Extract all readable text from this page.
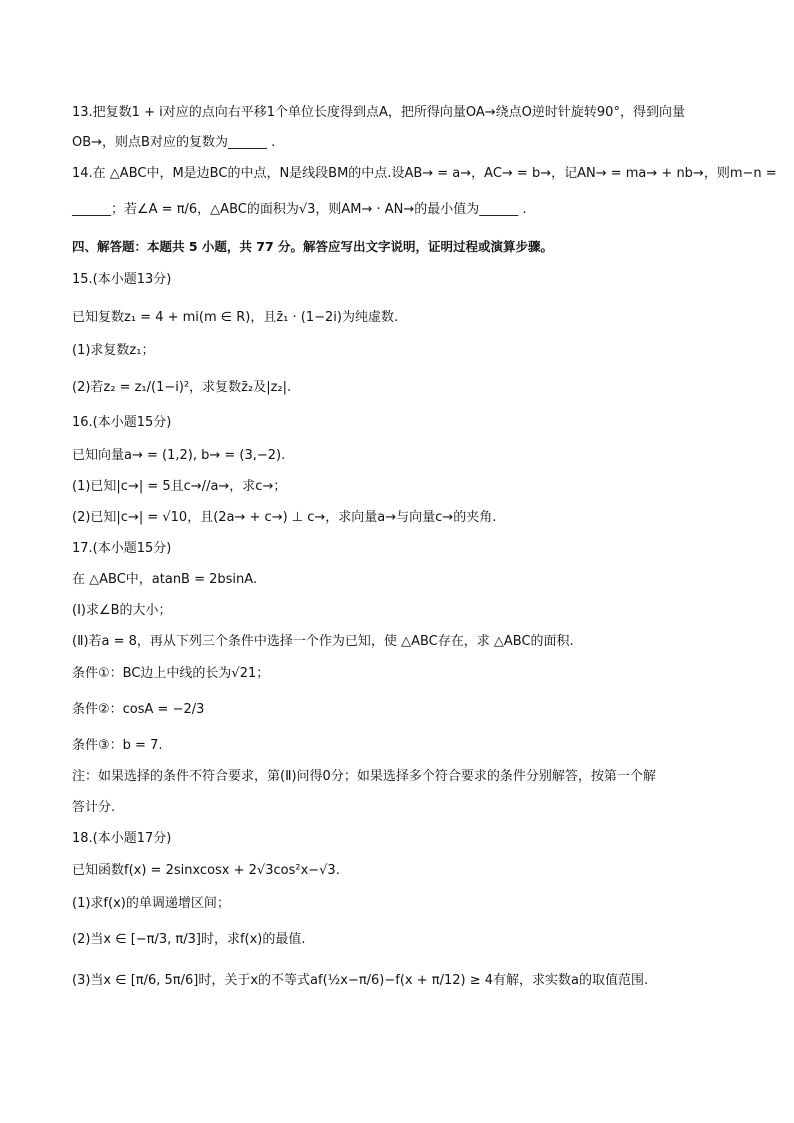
13.把复数1 + i对应的点向右平移1个单位长度得到点A，把所得向量OA→绕点O逆时针旋转90°，得到向量
OB→，则点B对应的复数为______ .
14.在 △ABC中，M是边BC的中点，N是线段BM的中点.设AB→ = a→，AC→ = b→，记AN→ = ma→ + nb→，则m−n =
______；若∠A = π/6，△ABC的面积为√3，则AM→ · AN→的最小值为______ .
四、解答题：本题共 5 小题，共 77 分。解答应写出文字说明，证明过程或演算步骤。
15.(本小题13分)
已知复数z₁ = 4 + mi(m ∈ R)，且z̄₁ · (1−2i)为纯虚数.
(1)求复数z₁；
(2)若z₂ = z₁/(1−i)²，求复数z̄₂及|z₂|.
16.(本小题15分)
已知向量a→ = (1,2), b→ = (3,−2).
(1)已知|c→| = 5且c→//a→，求c→；
(2)已知|c→| = √10，且(2a→ + c→) ⊥ c→，求向量a→与向量c→的夹角.
17.(本小题15分)
在 △ABC中，atanB = 2bsinA.
(Ⅰ)求∠B的大小；
(Ⅱ)若a = 8，再从下列三个条件中选择一个作为已知，使 △ABC存在，求 △ABC的面积.
条件①：BC边上中线的长为√21；
条件②：cosA = −2/3
条件③：b = 7.
注：如果选择的条件不符合要求，第(Ⅱ)问得0分；如果选择多个符合要求的条件分别解答，按第一个解
答计分.
18.(本小题17分)
已知函数f(x) = 2sinxcosx + 2√3cos²x−√3.
(1)求f(x)的单调递增区间；
(2)当x ∈ [−π/3, π/3]时，求f(x)的最值.
(3)当x ∈ [π/6, 5π/6]时，关于x的不等式af(½x−π/6)−f(x + π/12) ≥ 4有解，求实数a的取值范围.
